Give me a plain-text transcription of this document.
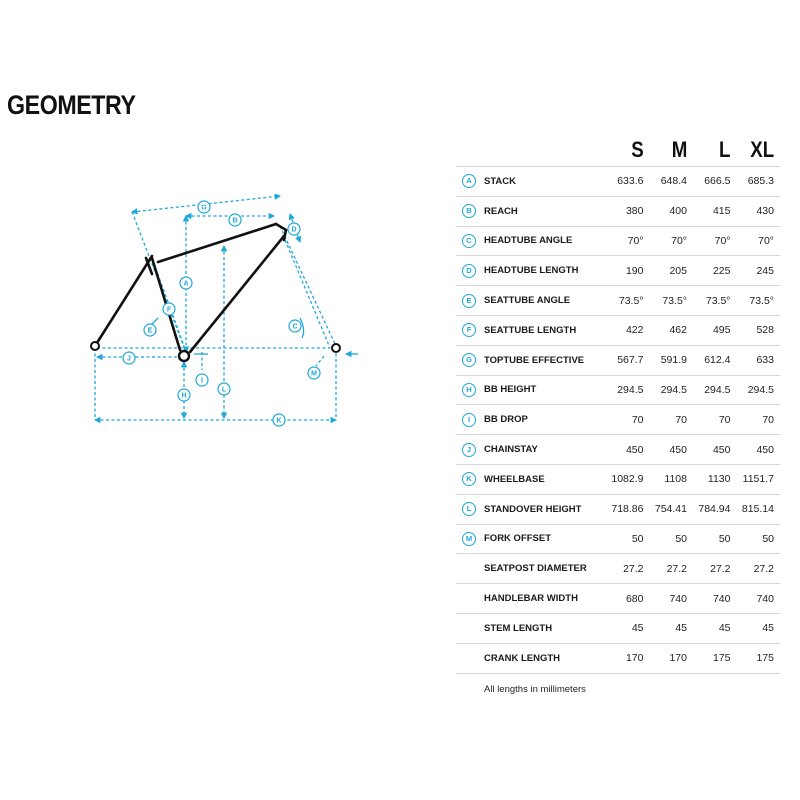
GEOMETRY
A
B
C
D
E
F
G
H
I
J
K
L
M
		S	M	L	XL
A	STACK	633.6	648.4	666.5	685.3
B	REACH	380	400	415	430
C	HEADTUBE ANGLE	70°	70°	70°	70°
D	HEADTUBE LENGTH	190	205	225	245
E	SEATTUBE ANGLE	73.5°	73.5°	73.5°	73.5°
F	SEATTUBE LENGTH	422	462	495	528
G	TOPTUBE EFFECTIVE	567.7	591.9	612.4	633
H	BB HEIGHT	294.5	294.5	294.5	294.5
I	BB DROP	70	70	70	70
J	CHAINSTAY	450	450	450	450
K	WHEELBASE	1082.9	1108	1130	1151.7
L	STANDOVER HEIGHT	718.86	754.41	784.94	815.14
M	FORK OFFSET	50	50	50	50
	SEATPOST DIAMETER	27.2	27.2	27.2	27.2
	HANDLEBAR WIDTH	680	740	740	740
	STEM LENGTH	45	45	45	45
	CRANK LENGTH	170	170	175	175

All lengths in millimeters
